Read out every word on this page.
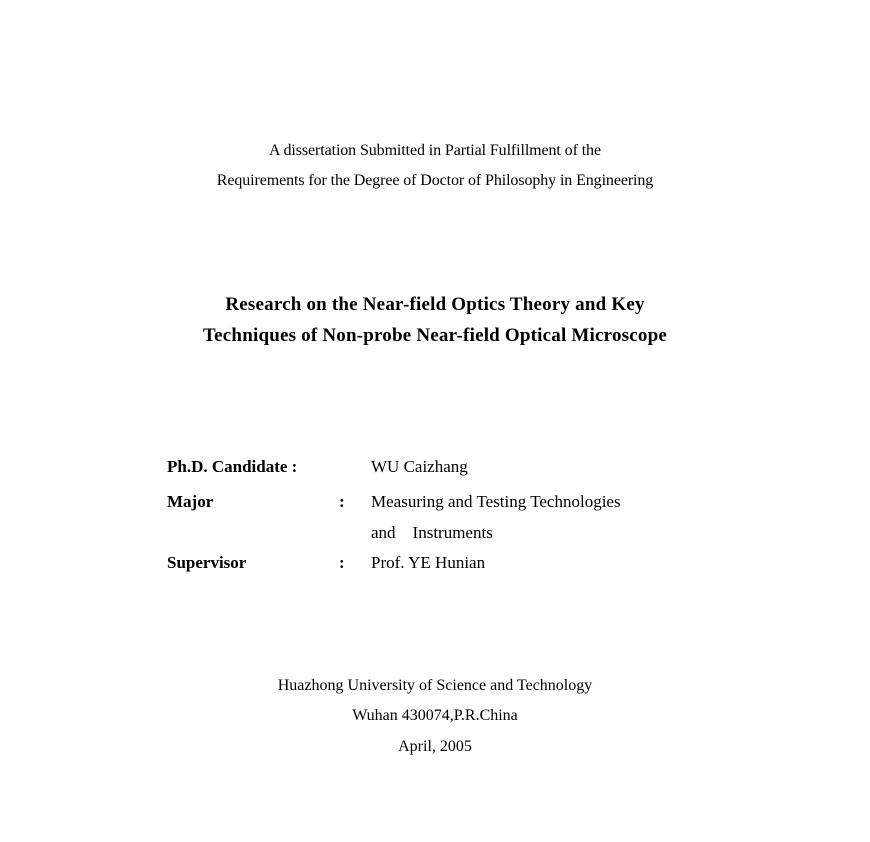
A dissertation Submitted in Partial Fulfillment of the
Requirements for the Degree of Doctor of Philosophy in Engineering
Research on the Near-field Optics Theory and Key
Techniques of Non-probe Near-field Optical Microscope
Ph.D. Candidate :	WU Caizhang
Major	: Measuring and Testing Technologies
and    Instruments
Supervisor	: Prof. YE Hunian
Huazhong University of Science and Technology
Wuhan 430074,P.R.China
April, 2005
